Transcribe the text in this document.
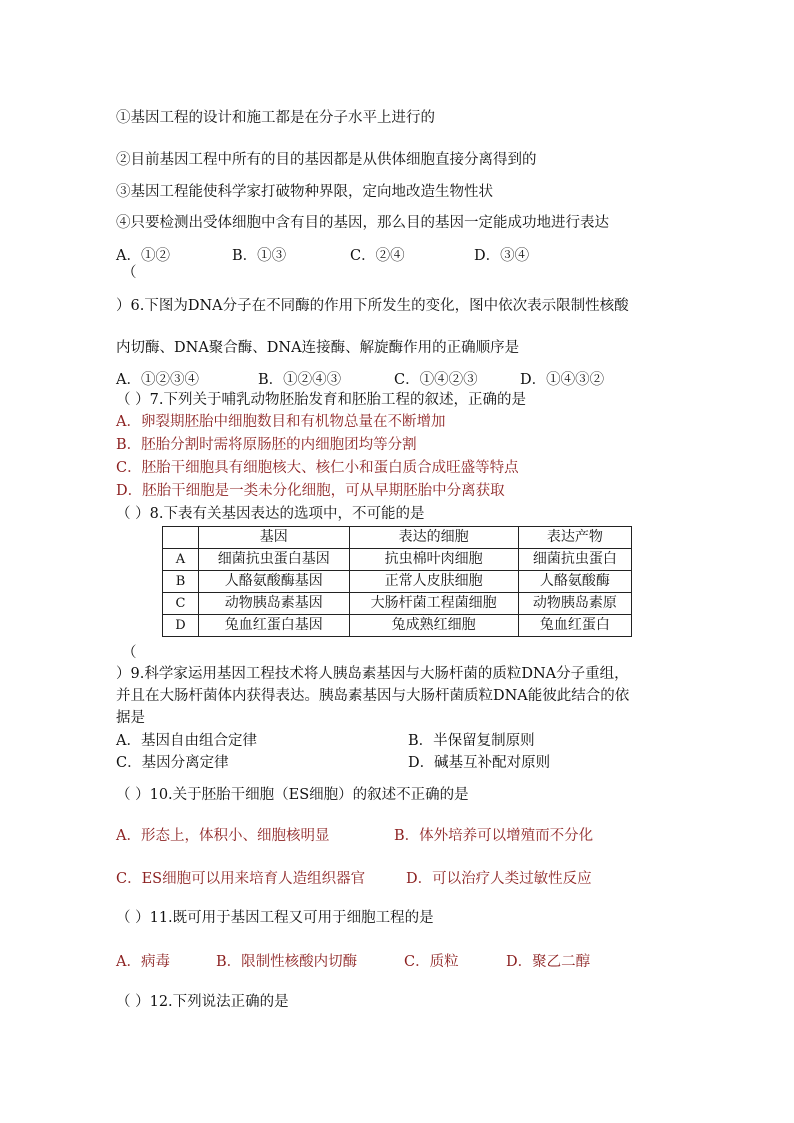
①基因工程的设计和施工都是在分子水平上进行的
②目前基因工程中所有的目的基因都是从供体细胞直接分离得到的
③基因工程能使科学家打破物种界限，定向地改造生物性状
④只要检测出受体细胞中含有目的基因，那么目的基因一定能成功地进行表达
A．①②	B．①③	C．②④	D．③④
（
）6.下图为DNA分子在不同酶的作用下所发生的变化，图中依次表示限制性核酸
内切酶、DNA聚合酶、DNA连接酶、解旋酶作用的正确顺序是
A．①②③④	B．①②④③	C．①④②③	D．①④③②
（ ）7.下列关于哺乳动物胚胎发育和胚胎工程的叙述，正确的是
A．卵裂期胚胎中细胞数目和有机物总量在不断增加
B．胚胎分割时需将原肠胚的内细胞团均等分割
C．胚胎干细胞具有细胞核大、核仁小和蛋白质合成旺盛等特点
D．胚胎干细胞是一类未分化细胞，可从早期胚胎中分离获取
（ ）8.下表有关基因表达的选项中，不可能的是
	基因	表达的细胞	表达产物
A	细菌抗虫蛋白基因	抗虫棉叶肉细胞	细菌抗虫蛋白
B	人酪氨酸酶基因	正常人皮肤细胞	人酪氨酸酶
C	动物胰岛素基因	大肠杆菌工程菌细胞	动物胰岛素原
D	兔血红蛋白基因	兔成熟红细胞	兔血红蛋白
（
）9.科学家运用基因工程技术将人胰岛素基因与大肠杆菌的质粒DNA分子重组，
并且在大肠杆菌体内获得表达。胰岛素基因与大肠杆菌质粒DNA能彼此结合的依
据是
A．基因自由组合定律	B．半保留复制原则
C．基因分离定律	D．碱基互补配对原则
（ ）10.关于胚胎干细胞（ES细胞）的叙述不正确的是
A．形态上，体积小、细胞核明显	B．体外培养可以增殖而不分化
C．ES细胞可以用来培育人造组织器官	D．可以治疗人类过敏性反应
（ ）11.既可用于基因工程又可用于细胞工程的是
A．病毒	B．限制性核酸内切酶	C．质粒	D．聚乙二醇
（ ）12.下列说法正确的是
